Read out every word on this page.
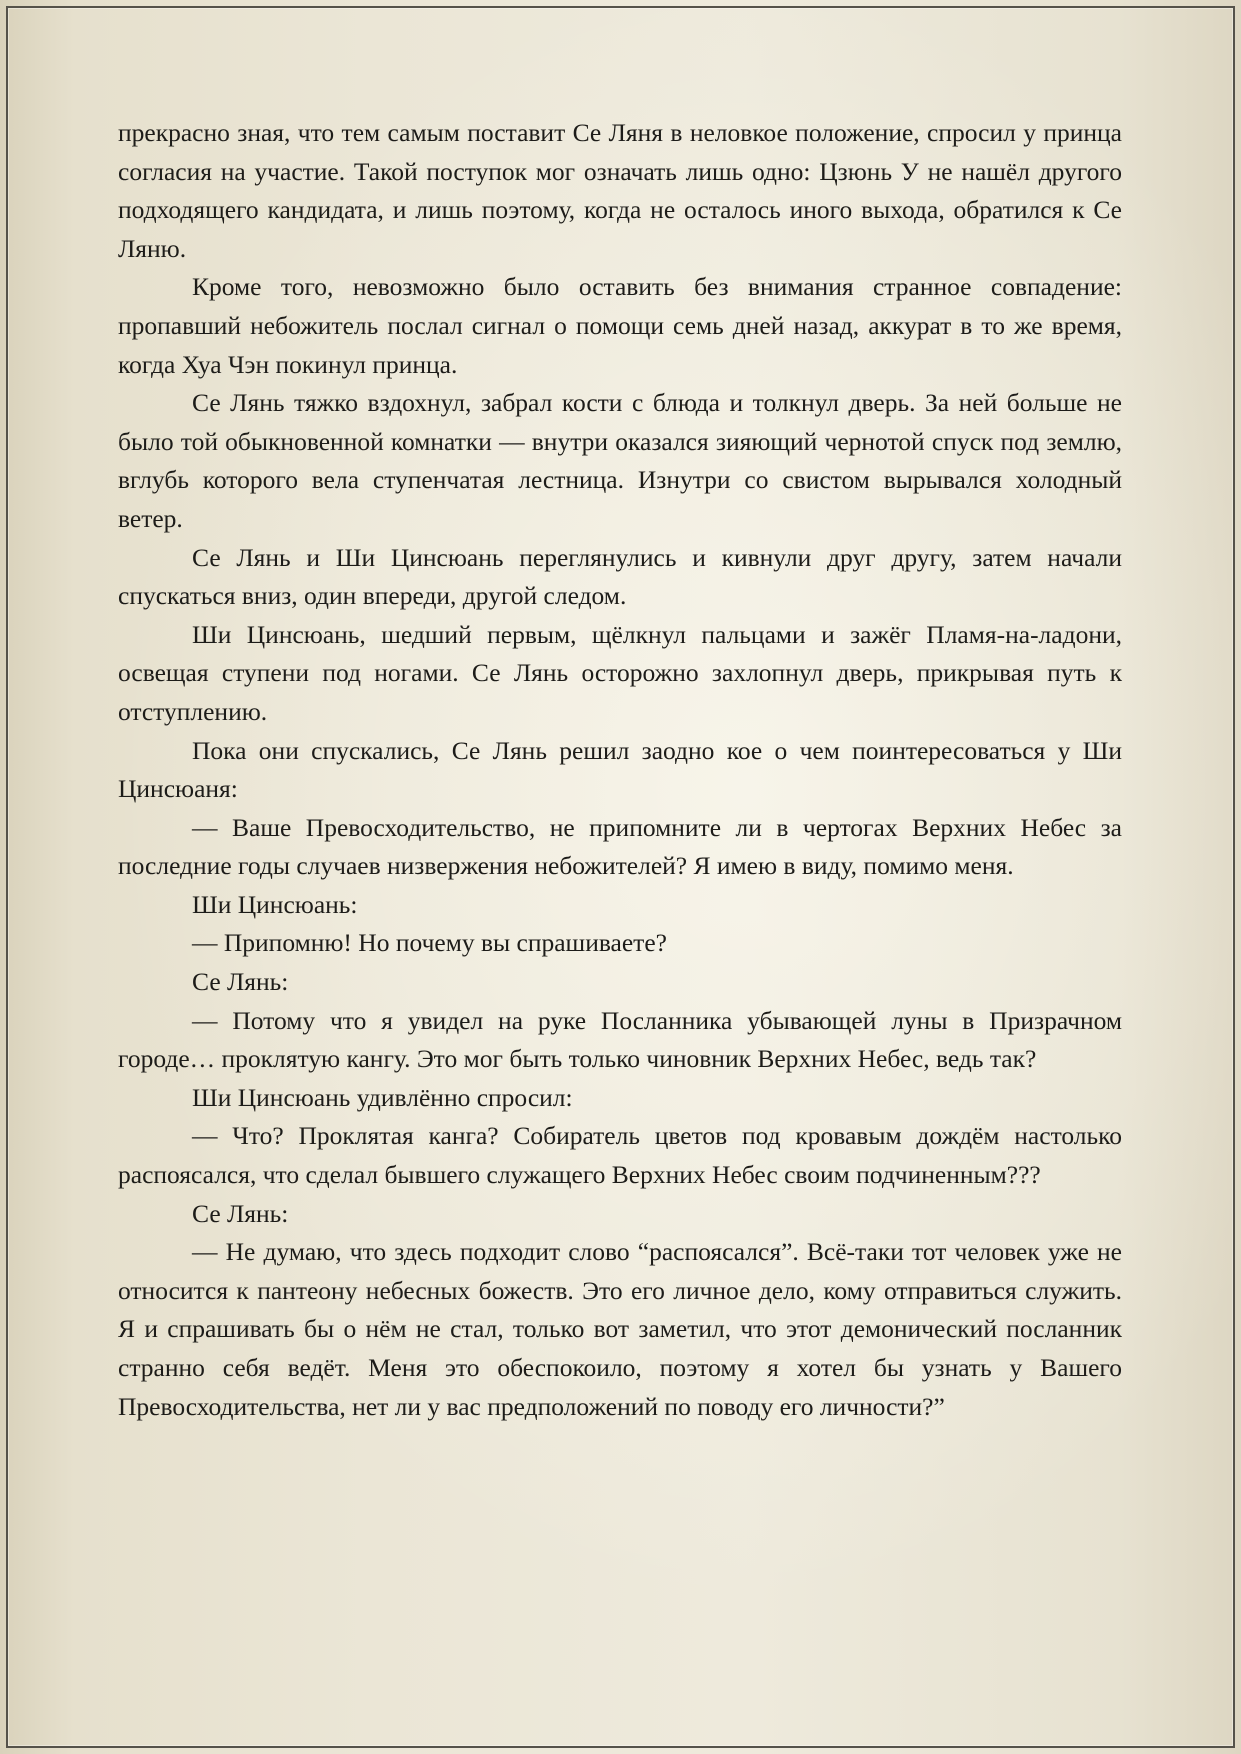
прекрасно зная, что тем самым поставит Се Ляня в неловкое положение, спросил у принца согласия на участие. Такой поступок мог означать лишь одно: Цзюнь У не нашёл другого подходящего кандидата, и лишь поэтому, когда не осталось иного выхода, обратился к Се Ляню.

Кроме того, невозможно было оставить без внимания странное совпадение: пропавший небожитель послал сигнал о помощи семь дней назад, аккурат в то же время, когда Хуа Чэн покинул принца.

Се Лянь тяжко вздохнул, забрал кости с блюда и толкнул дверь. За ней больше не было той обыкновенной комнатки — внутри оказался зияющий чернотой спуск под землю, вглубь которого вела ступенчатая лестница. Изнутри со свистом вырывался холодный ветер.

Се Лянь и Ши Цинсюань переглянулись и кивнули друг другу, затем начали спускаться вниз, один впереди, другой следом.

Ши Цинсюань, шедший первым, щёлкнул пальцами и зажёг Пламя-на-ладони, освещая ступени под ногами. Се Лянь осторожно захлопнул дверь, прикрывая путь к отступлению.

Пока они спускались, Се Лянь решил заодно кое о чем поинтересоваться у Ши Цинсюаня:

— Ваше Превосходительство, не припомните ли в чертогах Верхних Небес за последние годы случаев низвержения небожителей? Я имею в виду, помимо меня.

Ши Цинсюань:

— Припомню! Но почему вы спрашиваете?

Се Лянь:

— Потому что я увидел на руке Посланника убывающей луны в Призрачном городе… проклятую кангу. Это мог быть только чиновник Верхних Небес, ведь так?

Ши Цинсюань удивлённо спросил:

— Что? Проклятая канга? Собиратель цветов под кровавым дождём настолько распоясался, что сделал бывшего служащего Верхних Небес своим подчиненным???

Се Лянь:

— Не думаю, что здесь подходит слово “распоясался”. Всё-таки тот человек уже не относится к пантеону небесных божеств. Это его личное дело, кому отправиться служить. Я и спрашивать бы о нём не стал, только вот заметил, что этот демонический посланник странно себя ведёт. Меня это обеспокоило, поэтому я хотел бы узнать у Вашего Превосходительства, нет ли у вас предположений по поводу его личности?”
